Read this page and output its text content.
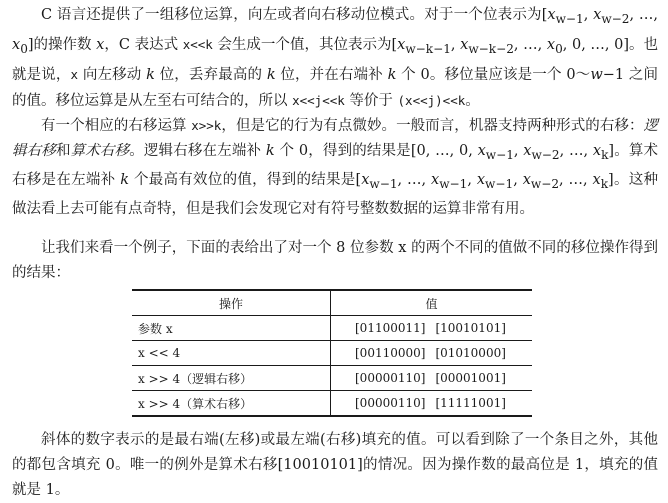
C 语言还提供了一组移位运算，向左或者向右移动位模式。对于一个位表示为[$x_{w-1}$, $x_{w-2}$, …, $x_0$]的操作数 x，C 表达式 x<<k 会生成一个值，其位表示为[$x_{w-k-1}$, $x_{w-k-2}$, …, $x_0$, 0, …, 0]。也就是说，x 向左移动 k 位，丢弃最高的 k 位，并在右端补 k 个 0。移位量应该是一个 0～w−1 之间的值。移位运算是从左至右可结合的，所以 x<<j<<k 等价于 (x<<j)<<k。

有一个相应的右移运算 x>>k，但是它的行为有点微妙。一般而言，机器支持两种形式的右移：逻辑右移和算术右移。逻辑右移在左端补 k 个 0，得到的结果是[0, …, 0, $x_{w-1}$, $x_{w-2}$, …, $x_k$]。算术右移是在左端补 k 个最高有效位的值，得到的结果是[$x_{w-1}$, …, $x_{w-1}$, $x_{w-1}$, $x_{w-2}$, …, $x_k$]。这种做法看上去可能有点奇特，但是我们会发现它对有符号整数数据的运算非常有用。

让我们来看一个例子，下面的表给出了对一个 8 位参数 x 的两个不同的值做不同的移位操作得到的结果：

操作	值
参数 x	[01100011] [10010101]
x << 4	[00110000] [01010000]
x >> 4（逻辑右移）	[00000110] [00001001]
x >> 4（算术右移）	[00000110] [11111001]

斜体的数字表示的是最右端(左移)或最左端(右移)填充的值。可以看到除了一个条目之外，其他的都包含填充 0。唯一的例外是算术右移[10010101]的情况。因为操作数的最高位是 1，填充的值就是 1。
